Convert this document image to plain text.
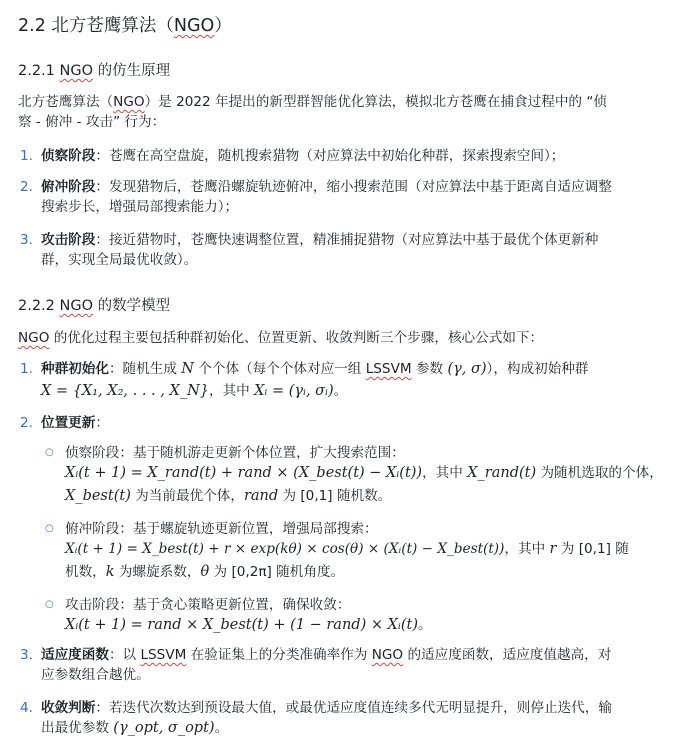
2.2 北方苍鹰算法（NGO）
2.2.1 NGO 的仿生原理
北方苍鹰算法（NGO）是 2022 年提出的新型群智能优化算法，模拟北方苍鹰在捕食过程中的 “侦
察 - 俯冲 - 攻击” 行为：
1. 侦察阶段：苍鹰在高空盘旋，随机搜索猎物（对应算法中初始化种群，探索搜索空间）；
2. 俯冲阶段：发现猎物后，苍鹰沿螺旋轨迹俯冲，缩小搜索范围（对应算法中基于距离自适应调整
搜索步长，增强局部搜索能力）；
3. 攻击阶段：接近猎物时，苍鹰快速调整位置，精准捕捉猎物（对应算法中基于最优个体更新种
群，实现全局最优收敛）。
2.2.2 NGO 的数学模型
NGO 的优化过程主要包括种群初始化、位置更新、收敛判断三个步骤，核心公式如下：
1. 种群初始化：随机生成 N 个个体（每个个体对应一组 LSSVM 参数 (γ, σ)），构成初始种群
X = {X₁, X₂, . . . , X_N}，其中 Xᵢ = (γᵢ, σᵢ)。
2. 位置更新：
○ 侦察阶段：基于随机游走更新个体位置，扩大搜索范围：
Xᵢ(t + 1) = X_rand(t) + rand × (X_best(t) − Xᵢ(t))，其中 X_rand(t) 为随机选取的个体，
X_best(t) 为当前最优个体，rand 为 [0,1] 随机数。
○ 俯冲阶段：基于螺旋轨迹更新位置，增强局部搜索：
Xᵢ(t + 1) = X_best(t) + r × exp(kθ) × cos(θ) × (Xᵢ(t) − X_best(t))，其中 r 为 [0,1] 随
机数，k 为螺旋系数，θ 为 [0,2π] 随机角度。
○ 攻击阶段：基于贪心策略更新位置，确保收敛：
Xᵢ(t + 1) = rand × X_best(t) + (1 − rand) × Xᵢ(t)。
3. 适应度函数：以 LSSVM 在验证集上的分类准确率作为 NGO 的适应度函数，适应度值越高，对
应参数组合越优。
4. 收敛判断：若迭代次数达到预设最大值，或最优适应度值连续多代无明显提升，则停止迭代，输
出最优参数 (γ_opt, σ_opt)。
